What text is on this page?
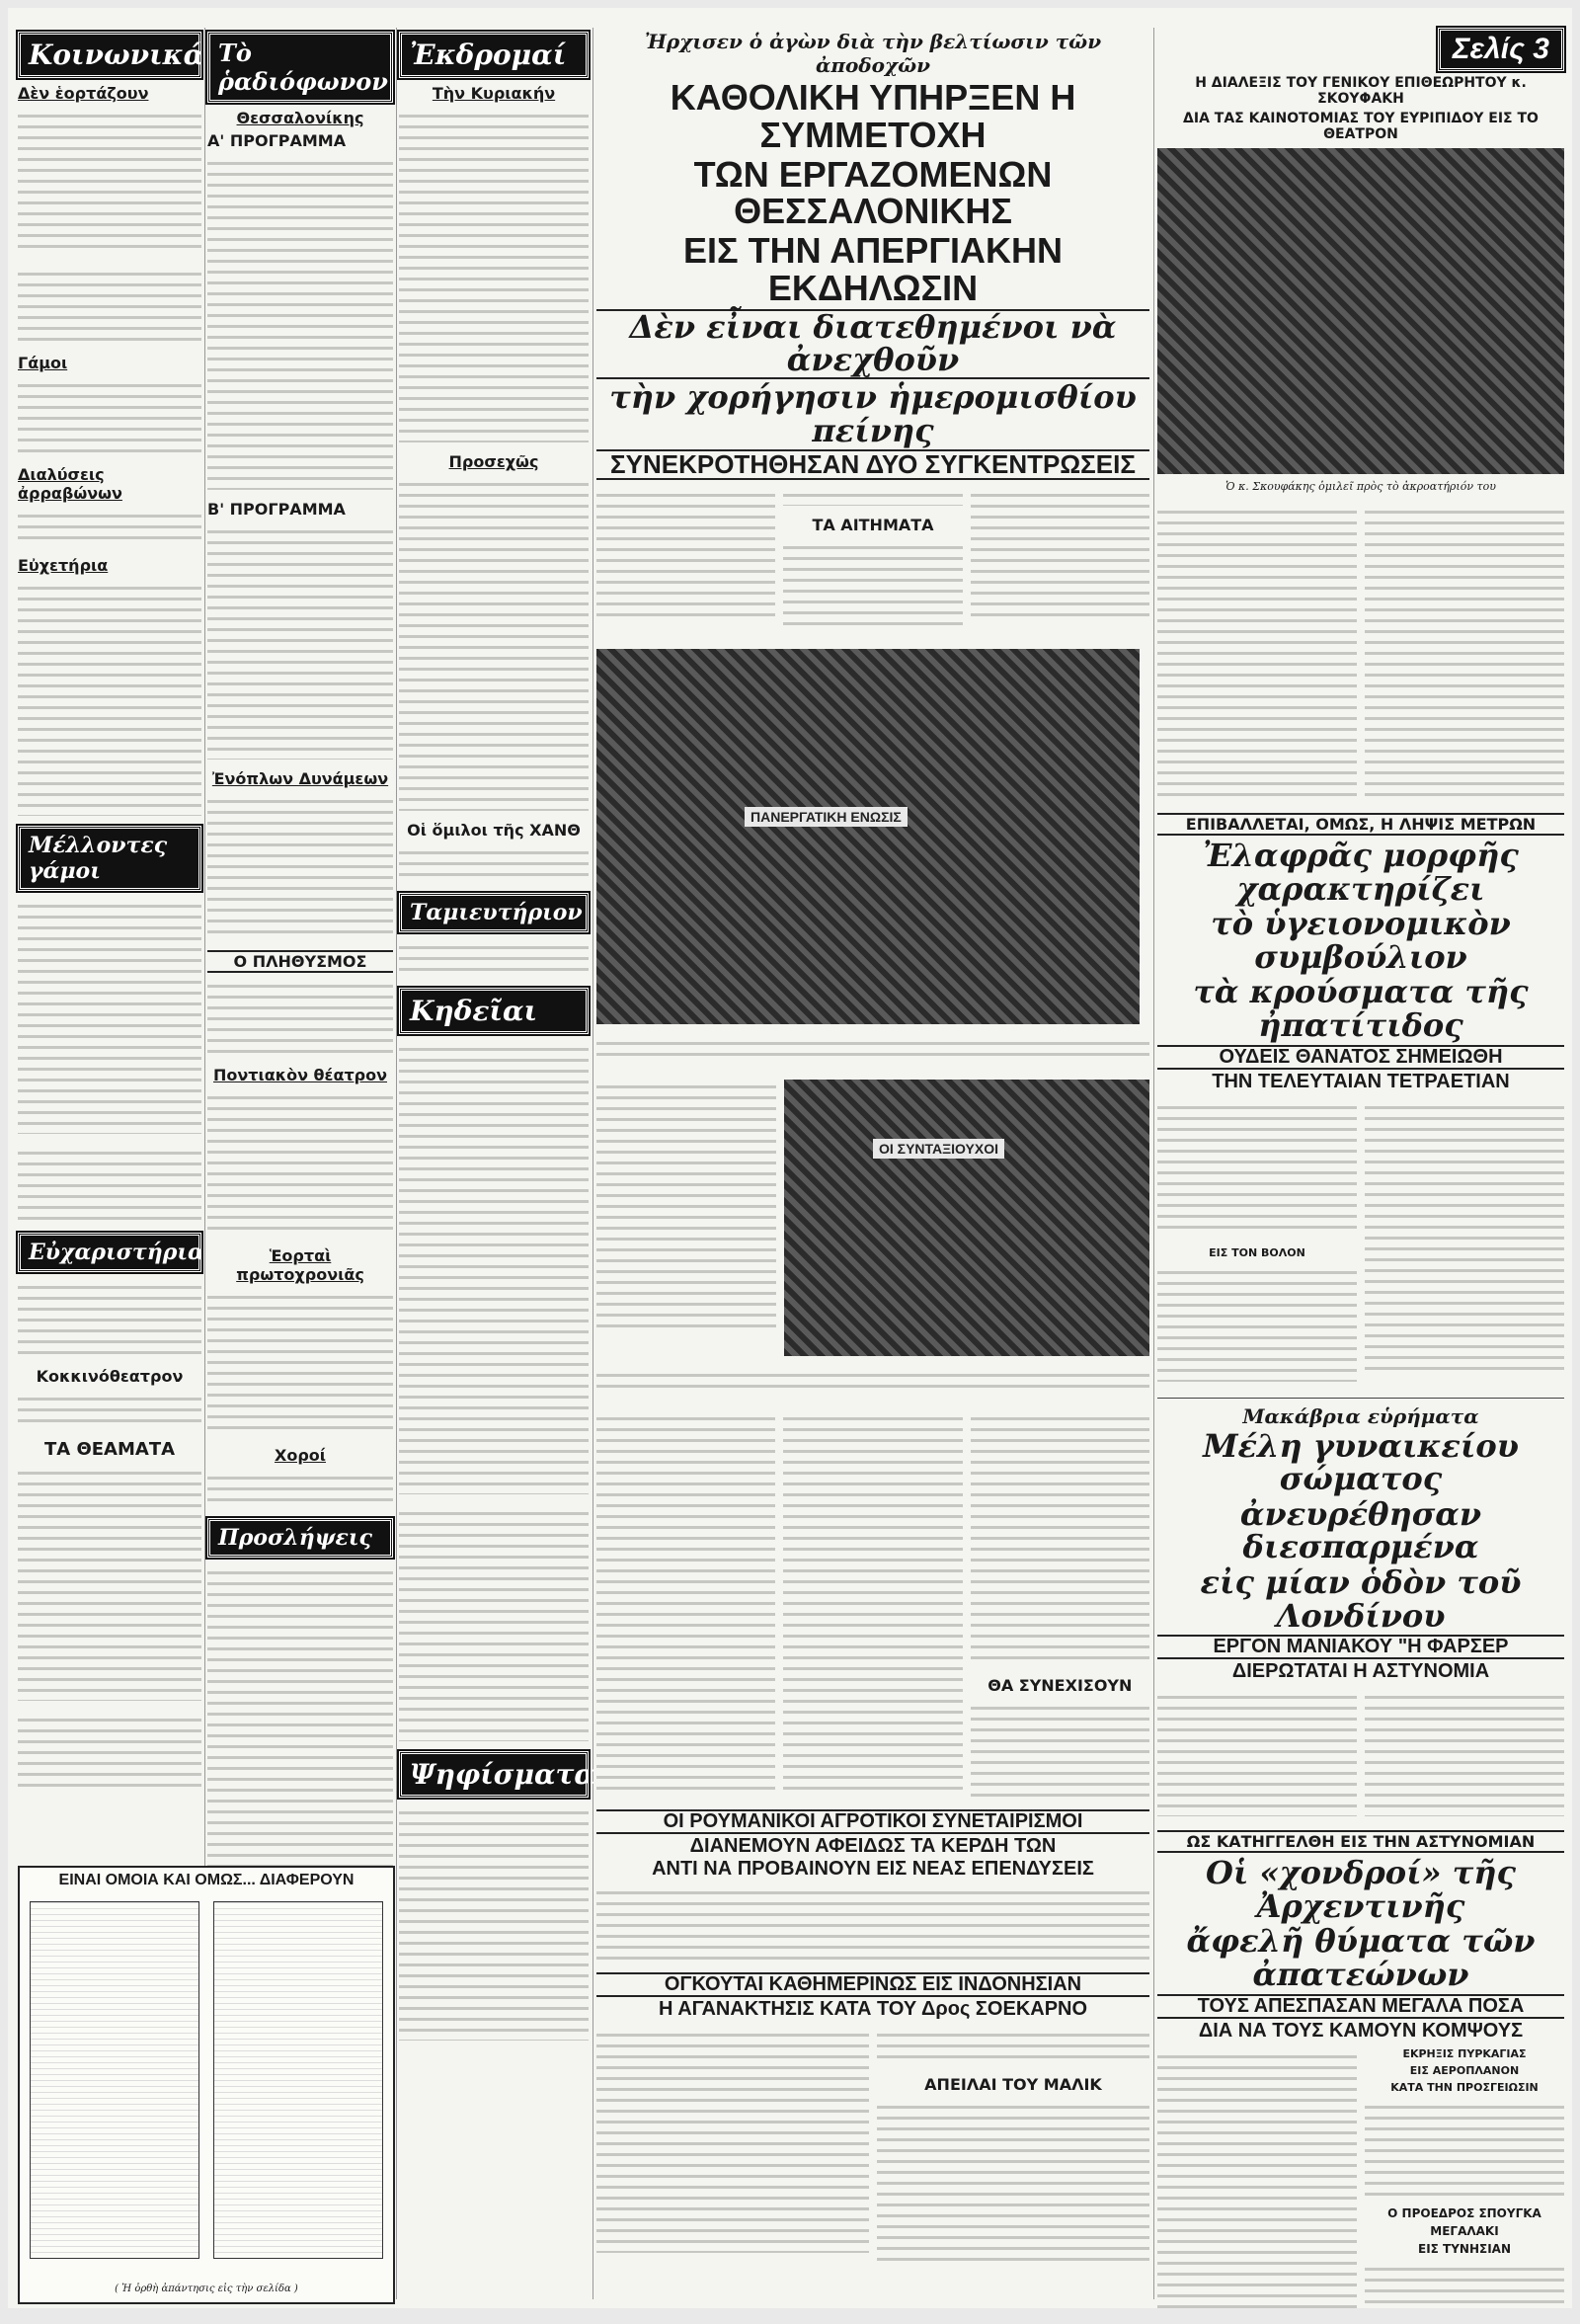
Κοινωνικά
Δὲν ἑορτάζουν
Γάμοι
Διαλύσεις ἀρραβώνων
Εὐχετήρια
Μέλλοντες γάμοι
Εὐχαριστήρια
Κοκκινόθεατρον
ΤΑ ΘΕΑΜΑΤΑ
Τὸ ῥαδιόφωνον
Θεσσαλονίκης
Α' ΠΡΟΓΡΑΜΜΑ
Β' ΠΡΟΓΡΑΜΜΑ
Ἐνόπλων Δυνάμεων
Ο ΠΛΗΘΥΣΜΟΣ
Ποντιακὸν θέατρον
Ἑορταὶ πρωτοχρονιᾶς
Χοροί
Προσλήψεις
Ἐκδρομαί
Τὴν Κυριακήν
Προσεχῶς
Οἱ ὅμιλοι τῆς ΧΑΝΘ
Ταμιευτήριον
Κηδεῖαι
Ψηφίσματα
Ἠρχισεν ὁ ἀγὼν διὰ τὴν βελτίωσιν τῶν ἀποδοχῶν
ΚΑΘΟΛΙΚΗ ΥΠΗΡΞΕΝ Η ΣΥΜΜΕΤΟΧΗ
ΤΩΝ ΕΡΓΑΖΟΜΕΝΩΝ ΘΕΣΣΑΛΟΝΙΚΗΣ
ΕΙΣ ΤΗΝ ΑΠΕΡΓΙΑΚΗΝ ΕΚΔΗΛΩΣΙΝ
Δὲν εἶναι διατεθημένοι νὰ ἀνεχθοῦν
τὴν χορήγησιν ἡμερομισθίου πείνης
ΣΥΝΕΚΡΟΤΗΘΗΣΑΝ ΔΥΟ ΣΥΓΚΕΝΤΡΩΣΕΙΣ
ΤΑ ΑΙΤΗΜΑΤΑ
ΠΑΝΕΡΓΑΤΙΚΗ ΕΝΩΣΙΣ
ΟΙ ΣΥΝΤΑΞΙΟΥΧΟΙ
ΘΑ ΣΥΝΕΧΙΣΟΥΝ
ΟΙ ΡΟΥΜΑΝΙΚΟΙ ΑΓΡΟΤΙΚΟΙ ΣΥΝΕΤΑΙΡΙΣΜΟΙ
ΔΙΑΝΕΜΟΥΝ ΑΦΕΙΔΩΣ ΤΑ ΚΕΡΔΗ ΤΩΝ
ΑΝΤΙ ΝΑ ΠΡΟΒΑΙΝΟΥΝ ΕΙΣ ΝΕΑΣ ΕΠΕΝΔΥΣΕΙΣ
ΟΓΚΟΥΤΑΙ ΚΑΘΗΜΕΡΙΝΩΣ ΕΙΣ ΙΝΔΟΝΗΣΙΑΝ
Η ΑΓΑΝΑΚΤΗΣΙΣ ΚΑΤΑ ΤΟΥ Δρος ΣΟΕΚΑΡΝΟ
ΑΠΕΙΛΑΙ ΤΟΥ ΜΑΛΙΚ
Σελίς 3
Η ΔΙΑΛΕΞΙΣ ΤΟΥ ΓΕΝΙΚΟΥ ΕΠΙΘΕΩΡΗΤΟΥ κ. ΣΚΟΥΦΑΚΗ
ΔΙΑ ΤΑΣ ΚΑΙΝΟΤΟΜΙΑΣ ΤΟΥ ΕΥΡΙΠΙΔΟΥ ΕΙΣ ΤΟ ΘΕΑΤΡΟΝ
Ὁ κ. Σκουφάκης ὁμιλεῖ πρὸς τὸ ἀκροατήριόν του
ΕΠΙΒΑΛΛΕΤΑΙ, ΟΜΩΣ, Η ΛΗΨΙΣ ΜΕΤΡΩΝ
Ἐλαφρᾶς μορφῆς χαρακτηρίζει
τὸ ὑγειονομικὸν συμβούλιον
τὰ κρούσματα τῆς ἠπατίτιδος
ΟΥΔΕΙΣ ΘΑΝΑΤΟΣ ΣΗΜΕΙΩΘΗ
ΤΗΝ ΤΕΛΕΥΤΑΙΑΝ ΤΕΤΡΑΕΤΙΑΝ
ΕΙΣ ΤΟΝ ΒΟΛΟΝ
Μακάβρια εὑρήματα
Μέλη γυναικείου σώματος
ἀνευρέθησαν διεσπαρμένα
εἰς μίαν ὁδὸν τοῦ Λονδίνου
ΕΡΓΟΝ ΜΑΝΙΑΚΟΥ "Η ΦΑΡΣΕΡ
ΔΙΕΡΩΤΑΤΑΙ Η ΑΣΤΥΝΟΜΙΑ
ΩΣ ΚΑΤΗΓΓΕΛΘΗ ΕΙΣ ΤΗΝ ΑΣΤΥΝΟΜΙΑΝ
Οἱ «χονδροί» τῆς Ἀρχεντινῆς
ἄφελῆ θύματα τῶν ἀπατεώνων
ΤΟΥΣ ΑΠΕΣΠΑΣΑΝ ΜΕΓΑΛΑ ΠΟΣΑ
ΔΙΑ ΝΑ ΤΟΥΣ ΚΑΜΟΥΝ ΚΟΜΨΟΥΣ
ΕΚΡΗΞΙΣ ΠΥΡΚΑΓΙΑΣ
ΕΙΣ ΑΕΡΟΠΛΑΝΟΝ
ΚΑΤΑ ΤΗΝ ΠΡΟΣΓΕΙΩΣΙΝ
Ο ΠΡΟΕΔΡΟΣ ΣΠΟΥΓΚΑ
ΜΕΓΑΛΑΚΙ
ΕΙΣ ΤΥΝΗΣΙΑΝ
ΕΙΝΑΙ ΟΜΟΙΑ ΚΑΙ ΟΜΩΣ... ΔΙΑΦΕΡΟΥΝ
( Ἡ ὀρθὴ ἀπάντησις εἰς τὴν σελίδα )
